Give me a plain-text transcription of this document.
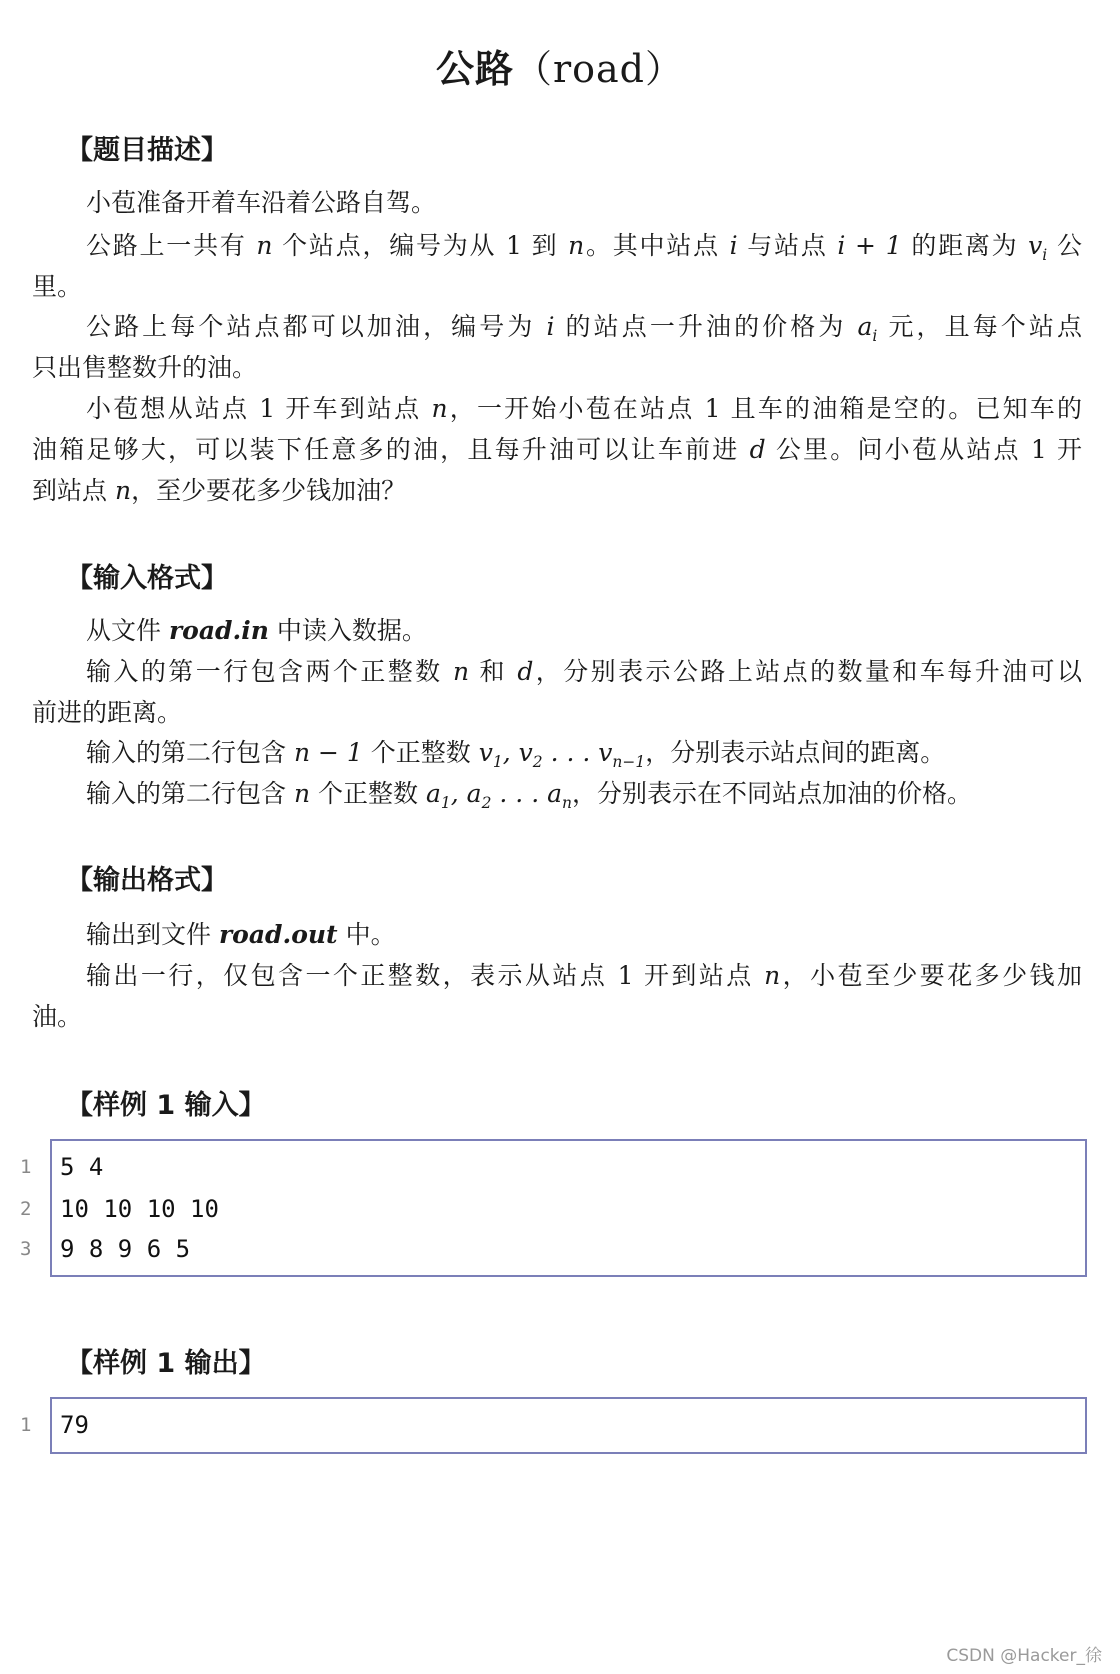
公路（road）
【题目描述】
小苞准备开着车沿着公路自驾。
公路上一共有 n 个站点，编号为从 1 到 n。其中站点 i 与站点 i + 1 的距离为 $v_i$ 公
里。
公路上每个站点都可以加油，编号为 i 的站点一升油的价格为 $a_i$ 元，且每个站点
只出售整数升的油。
小苞想从站点 1 开车到站点 n，一开始小苞在站点 1 且车的油箱是空的。已知车的
油箱足够大，可以装下任意多的油，且每升油可以让车前进 d 公里。问小苞从站点 1 开
到站点 n，至少要花多少钱加油？
【输入格式】
从文件 road.in 中读入数据。
输入的第一行包含两个正整数 n 和 d，分别表示公路上站点的数量和车每升油可以
前进的距离。
输入的第二行包含 n − 1 个正整数 $v_1$, $v_2$ . . . $v_{n-1}$，分别表示站点间的距离。
输入的第二行包含 n 个正整数 $a_1$, $a_2$ . . . $a_n$，分别表示在不同站点加油的价格。
【输出格式】
输出到文件 road.out 中。
输出一行，仅包含一个正整数，表示从站点 1 开到站点 n，小苞至少要花多少钱加
油。
【样例 1 输入】
1
2
3
5 4
10 10 10 10
9 8 9 6 5
【样例 1 输出】
1 79
CSDN @Hacker_徐
